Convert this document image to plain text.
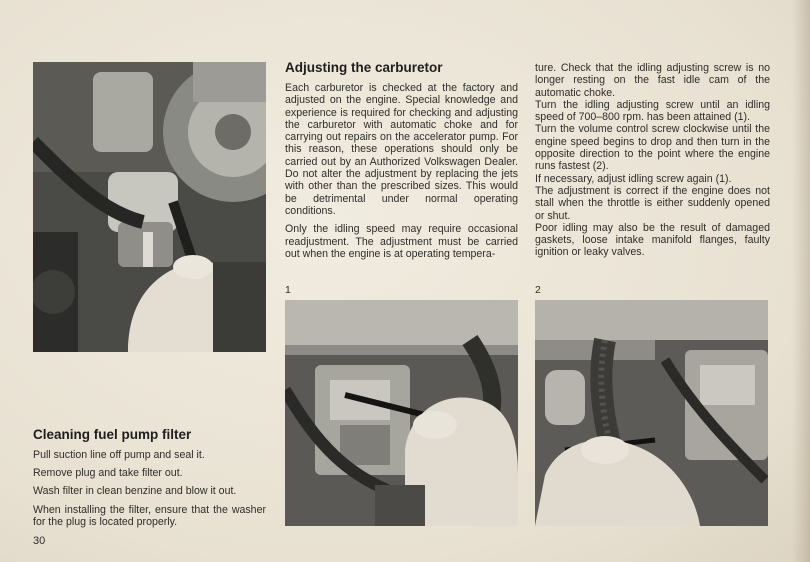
Adjusting the carburetor

Each carburetor is checked at the factory and adjusted on the engine. Special knowledge and experience is required for checking and adjusting the carburetor with automatic choke and for carrying out repairs on the accelerator pump. For this reason, these operations should only be carried out by an Authorized Volkswagen Dealer. Do not alter the adjustment by replacing the jets with other than the prescribed sizes. This would be detrimental under normal operating conditions.

Only the idling speed may require occasional readjustment. The adjustment must be carried out when the engine is at operating tempera-

1	2

ture. Check that the idling adjusting screw is no longer resting on the fast idle cam of the automatic choke.

Turn the idling adjusting screw until an idling speed of 700–800 rpm. has been attained (1).

Turn the volume control screw clockwise until the engine speed begins to drop and then turn in the opposite direction to the point where the engine runs fastest (2).

If necessary, adjust idling screw again (1).

The adjustment is correct if the engine does not stall when the throttle is either suddenly opened or shut.

Poor idling may also be the result of damaged gaskets, loose intake manifold flanges, faulty ignition or leaky valves.

Cleaning fuel pump filter

Pull suction line off pump and seal it.

Remove plug and take filter out.

Wash filter in clean benzine and blow it out.

When installing the filter, ensure that the washer for the plug is located properly.

30
